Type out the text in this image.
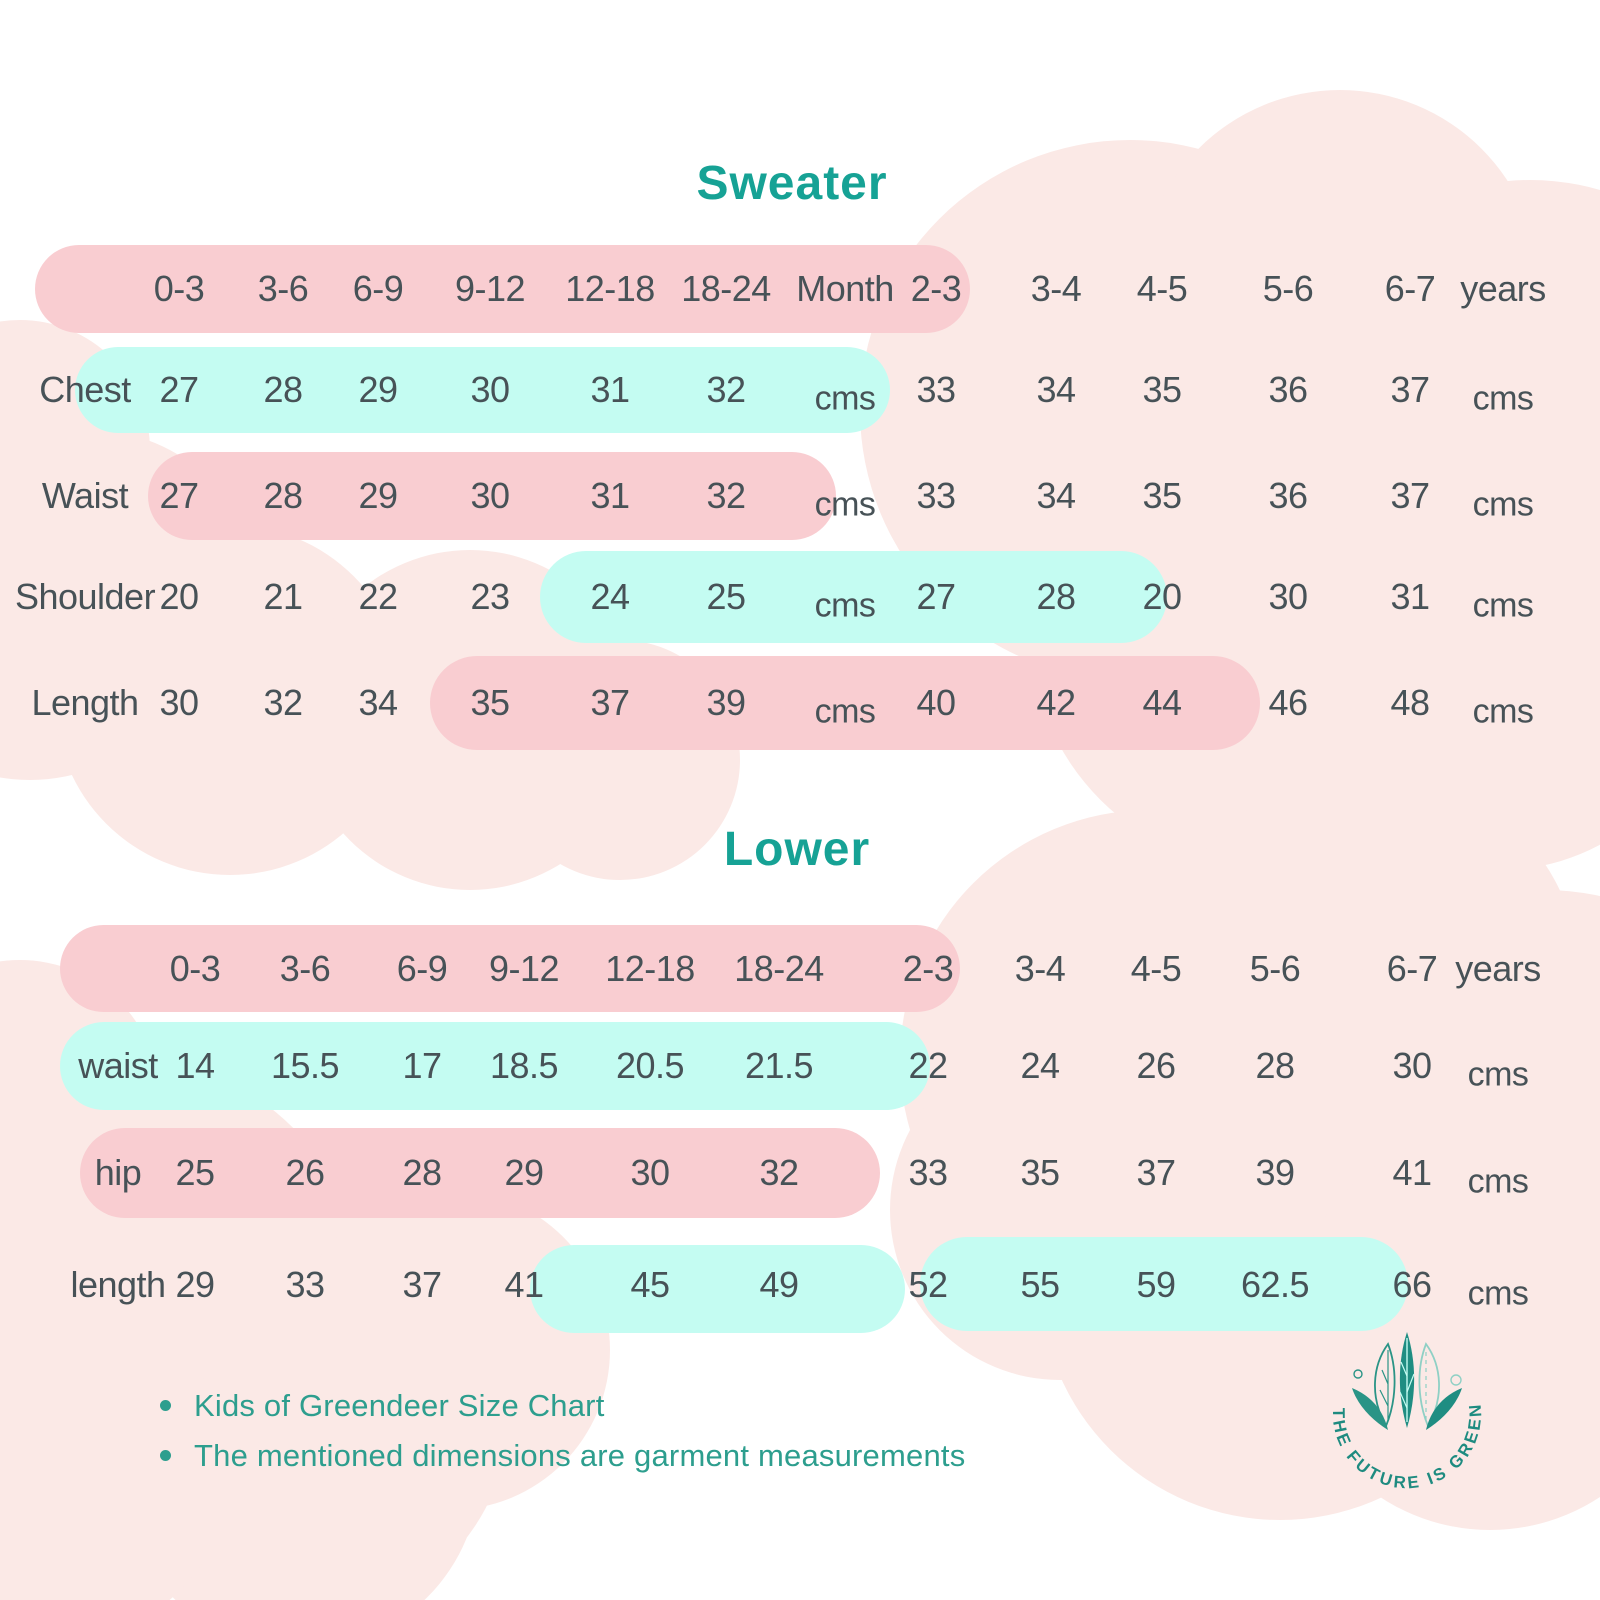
Sweater
0-3 3-6 6-9 9-12 12-18 18-24 Month 2-3 3-4 4-5 5-6 6-7 years
Chest 27 28 29 30 31 32 cms 33 34 35 36 37 cms
Waist 27 28 29 30 31 32 cms 33 34 35 36 37 cms
Shoulder 20 21 22 23 24 25 cms 27 28 20 30 31 cms
Length 30 32 34 35 37 39 cms 40 42 44 46 48 cms
Lower
0-3 3-6 6-9 9-12 12-18 18-24 2-3 3-4 4-5 5-6 6-7 years
waist 14 15.5 17 18.5 20.5 21.5	22 24 26 28	30 cms
hip 25 26 28 29 30 32	33 35 37 39	41 cms
length 29 33 37 41 45 49	52 55 59 62.5 66 cms
Kids of Greendeer Size Chart
The mentioned dimensions are garment measurements
THE FUTURE IS GREEN
